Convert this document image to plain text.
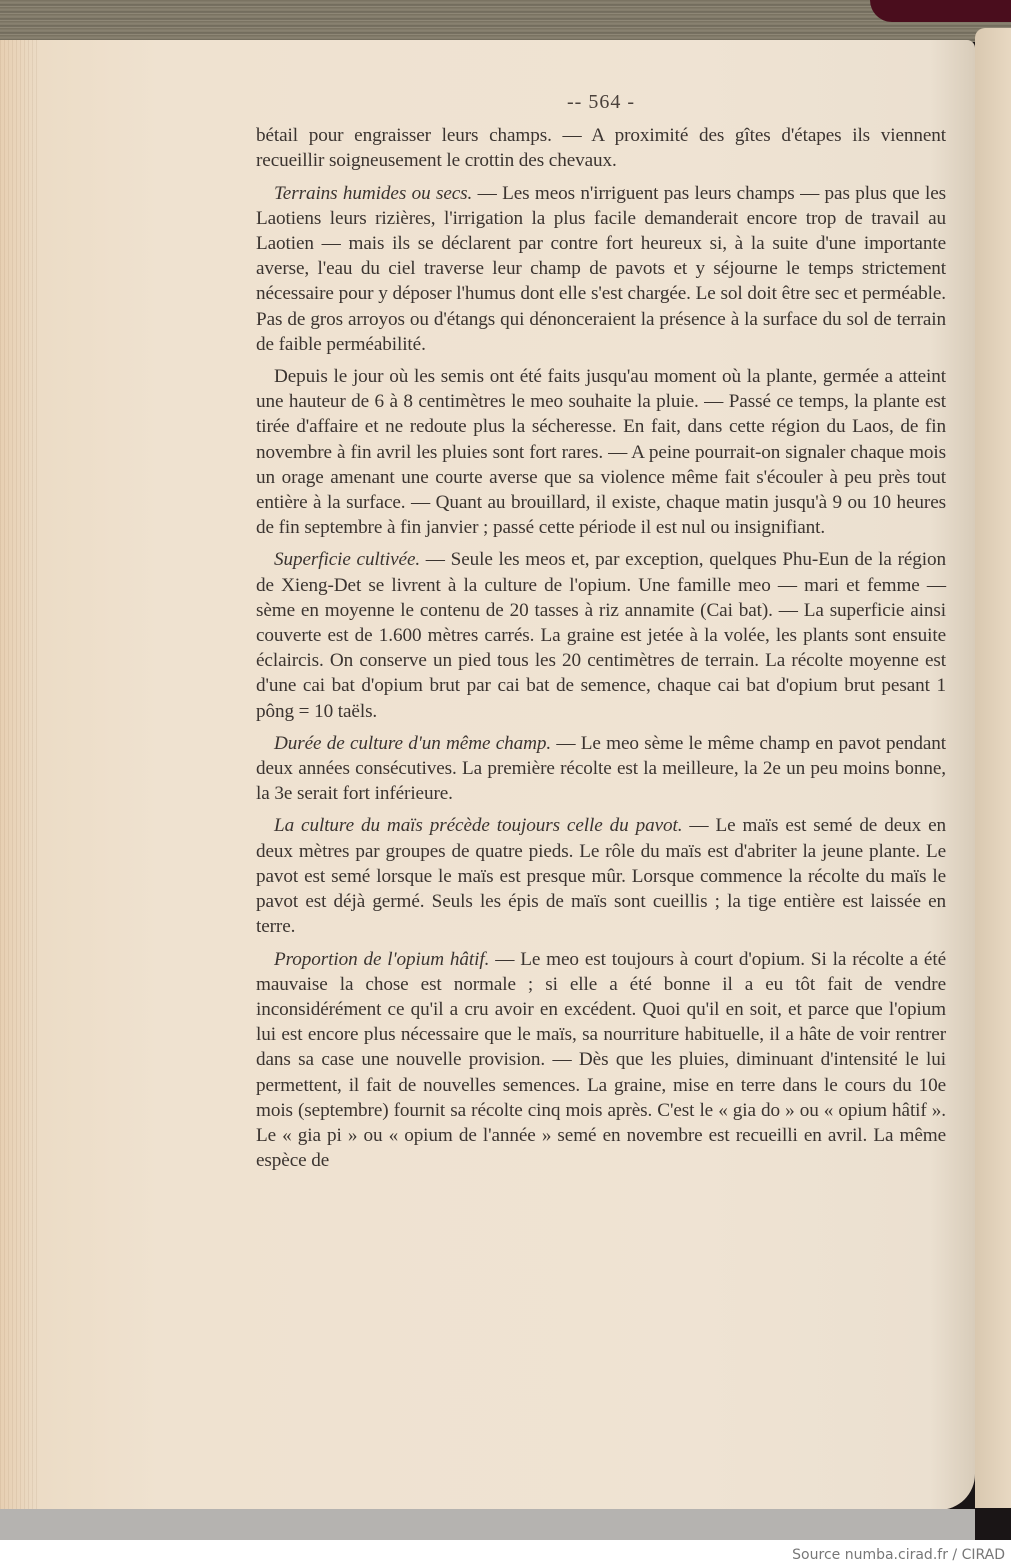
-- 564 -

bétail pour engraisser leurs champs. — A proximité des gîtes d'étapes ils viennent recueillir soigneusement le crottin des chevaux.

Terrains humides ou secs. — Les meos n'irriguent pas leurs champs — pas plus que les Laotiens leurs rizières, l'irrigation la plus facile demanderait encore trop de travail au Laotien — mais ils se déclarent par contre fort heureux si, à la suite d'une importante averse, l'eau du ciel traverse leur champ de pavots et y séjourne le temps strictement nécessaire pour y déposer l'humus dont elle s'est chargée. Le sol doit être sec et perméable. Pas de gros arroyos ou d'étangs qui dénonceraient la présence à la surface du sol de terrain de faible perméabilité.

Depuis le jour où les semis ont été faits jusqu'au moment où la plante, germée a atteint une hauteur de 6 à 8 centimètres le meo souhaite la pluie. — Passé ce temps, la plante est tirée d'affaire et ne redoute plus la sécheresse. En fait, dans cette région du Laos, de fin novembre à fin avril les pluies sont fort rares. — A peine pourrait-on signaler chaque mois un orage amenant une courte averse que sa violence même fait s'écouler à peu près tout entière à la surface. — Quant au brouillard, il existe, chaque matin jusqu'à 9 ou 10 heures de fin septembre à fin janvier ; passé cette période il est nul ou insignifiant.

Superficie cultivée. — Seule les meos et, par exception, quelques Phu-Eun de la région de Xieng-Det se livrent à la culture de l'opium. Une famille meo — mari et femme — sème en moyenne le contenu de 20 tasses à riz annamite (Cai bat). — La superficie ainsi couverte est de 1.600 mètres carrés. La graine est jetée à la volée, les plants sont ensuite éclaircis. On conserve un pied tous les 20 centimètres de terrain. La récolte moyenne est d'une cai bat d'opium brut par cai bat de semence, chaque cai bat d'opium brut pesant 1 pông = 10 taëls.

Durée de culture d'un même champ. — Le meo sème le même champ en pavot pendant deux années consécutives. La première récolte est la meilleure, la 2e un peu moins bonne, la 3e serait fort inférieure.

La culture du maïs précède toujours celle du pavot. — Le maïs est semé de deux en deux mètres par groupes de quatre pieds. Le rôle du maïs est d'abriter la jeune plante. Le pavot est semé lorsque le maïs est presque mûr. Lorsque commence la récolte du maïs le pavot est déjà germé. Seuls les épis de maïs sont cueillis ; la tige entière est laissée en terre.

Proportion de l'opium hâtif. — Le meo est toujours à court d'opium. Si la récolte a été mauvaise la chose est normale ; si elle a été bonne il a eu tôt fait de vendre inconsidérément ce qu'il a cru avoir en excédent. Quoi qu'il en soit, et parce que l'opium lui est encore plus nécessaire que le maïs, sa nourriture habituelle, il a hâte de voir rentrer dans sa case une nouvelle provision. — Dès que les pluies, diminuant d'intensité le lui permettent, il fait de nouvelles semences. La graine, mise en terre dans le cours du 10e mois (septembre) fournit sa récolte cinq mois après. C'est le « gia do » ou « opium hâtif ». Le « gia pi » ou « opium de l'année » semé en novembre est recueilli en avril. La même espèce de

Source numba.cirad.fr / CIRAD
